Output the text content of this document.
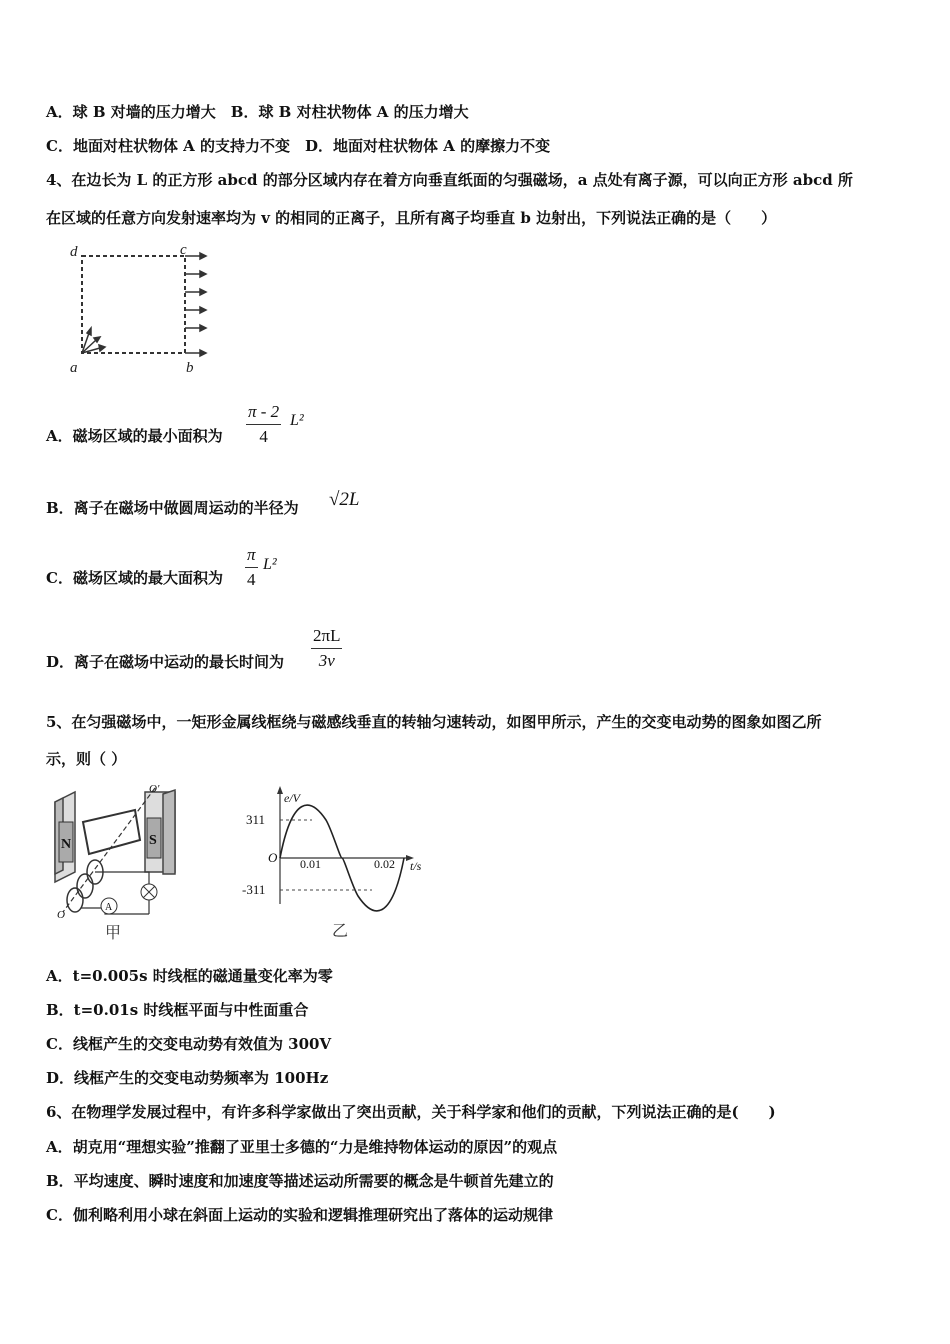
A．球 B 对墙的压力增大　B．球 B 对柱状物体 A 的压力增大
C．地面对柱状物体 A 的支持力不变　D．地面对柱状物体 A 的摩擦力不变
4、在边长为 L 的正方形 abcd 的部分区域内存在着方向垂直纸面的匀强磁场，a 点处有离子源，可以向正方形 abcd 所
在区域的任意方向发射速率均为 v 的相同的正离子，且所有离子均垂直 b 边射出，下列说法正确的是（　　）
d	c
a	b
A．磁场区域的最小面积为 $\frac{\pi - 2}{4} L^2$
B．离子在磁场中做圆周运动的半径为 √2L
C．磁场区域的最大面积为 $\frac{\pi}{4} L^2$
D．离子在磁场中运动的最长时间为 $\frac{2\pi L}{3v}$
5、在匀强磁场中，一矩形金属线框绕与磁感线垂直的转轴匀速转动，如图甲所示，产生的交变电动势的图象如图乙所
示，则（ ）
N	S
A
O'
O
甲
311
-311
O 0.01	0.02
e/V
t/s
乙
A．t=0.005s 时线框的磁通量变化率为零
B．t=0.01s 时线框平面与中性面重合
C．线框产生的交变电动势有效值为 300V
D．线框产生的交变电动势频率为 100Hz
6、在物理学发展过程中，有许多科学家做出了突出贡献，关于科学家和他们的贡献，下列说法正确的是(　　)
A．胡克用“理想实验”推翻了亚里士多德的“力是维持物体运动的原因”的观点
B．平均速度、瞬时速度和加速度等描述运动所需要的概念是牛顿首先建立的
C．伽利略利用小球在斜面上运动的实验和逻辑推理研究出了落体的运动规律
